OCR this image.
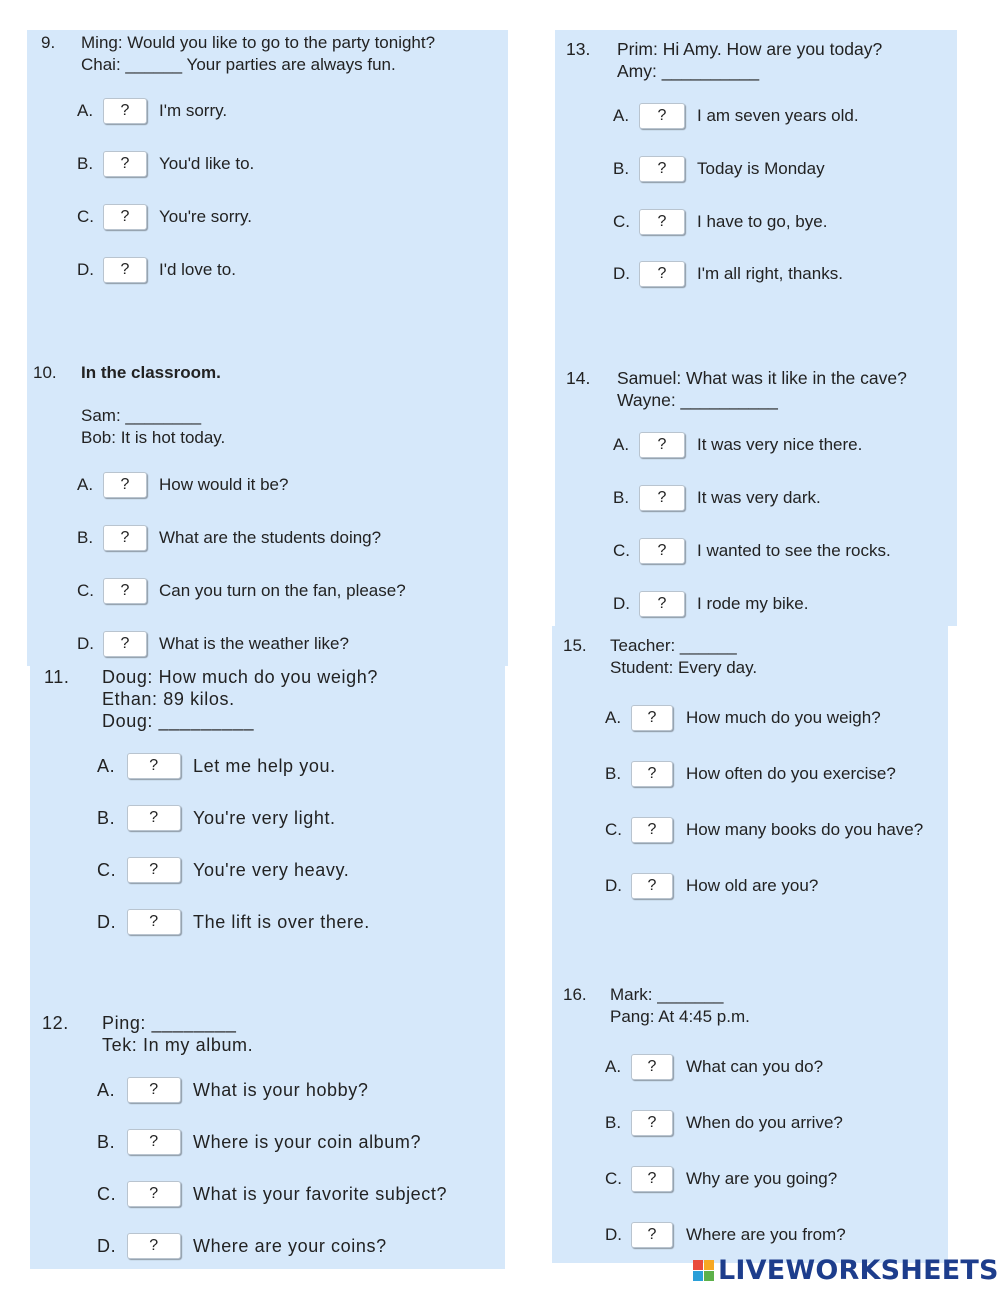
9. Ming: Would you like to go to the party tonight?
Chai: ______ Your parties are always fun.
A.	?	I'm sorry.
B.	?	You'd like to.
C.	?	You're sorry.
D.	?	I'd love to.
10. In the classroom.
Sam: ________
Bob: It is hot today.
A.	?	How would it be?
B.	?	What are the students doing?
C.	?	Can you turn on the fan, please?
D.	?	What is the weather like?
11. Doug: How much do you weigh?
Ethan: 89 kilos.
Doug: _________
A.	?	Let me help you.
B.	?	You're very light.
C.	?	You're very heavy.
D.	?	The lift is over there.
12. Ping: ________
Tek: In my album.
A.	?	What is your hobby?
B.	?	Where is your coin album?
C.	?	What is your favorite subject?
D.	?	Where are your coins?
13. Prim: Hi Amy. How are you today?
Amy: __________
A.	?	I am seven years old.
B.	?	Today is Monday
C.	?	I have to go, bye.
D.	?	I'm all right, thanks.
14. Samuel: What was it like in the cave?
Wayne: __________
A.	?	It was very nice there.
B.	?	It was very dark.
C.	?	I wanted to see the rocks.
D.	?	I rode my bike.
15. Teacher: ______
Student: Every day.
A.	?	How much do you weigh?
B.	?	How often do you exercise?
C.	?	How many books do you have?
D.	?	How old are you?
16. Mark: _______
Pang: At 4:45 p.m.
A.	?	What can you do?
B.	?	When do you arrive?
C.	?	Why are you going?
D.	?	Where are you from?
LIVEWORKSHEETS
